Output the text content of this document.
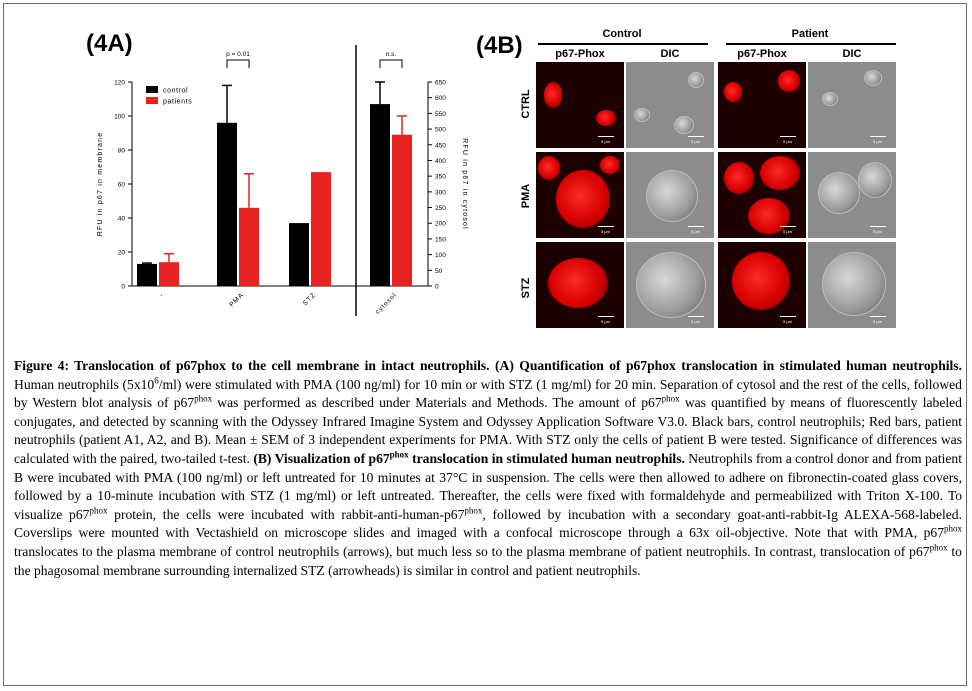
(4A)	(4B)
0
20
40
60
80
100
120
0
50
100
150
200
250
300
350
400
450
500
550
600
650
RFU in p67 in membrane	RFU in p67 in cytosol
-	PMA	STZ	cytosol
p = 0.01	n.s.
control
patients
Control	Patient
p67-Phox	DIC	p67-Phox	DIC
CTRL
PMA
STZ
5 μm	5 μm	5 μm	5 μm
5 μm	5 μm	5 μm	5 μm
5 μm	5 μm	5 μm	5 μm
Figure 4: Translocation of p67phox to the cell membrane in intact neutrophils. (A) Quantification of p67phox translocation in stimulated human neutrophils. Human neutrophils $(5x10^6/ml)$ were stimulated with PMA (100 ng/ml) for 10 min or with STZ (1 mg/ml) for 20 min. Separation of cytosol and the rest of the cells, followed by Western blot analysis of $p67^{phox}$ was performed as described under Materials and Methods. The amount of $p67^{phox}$ was quantified by means of fluorescently labeled conjugates, and detected by scanning with the Odyssey Infrared Imagine System and Odyssey Application Software V3.0. Black bars, control neutrophils; Red bars, patient neutrophils (patient A1, A2, and B). Mean ± SEM of 3 independent experiments for PMA. With STZ only the cells of patient B were tested. Significance of differences was calculated with the paired, two-tailed t-test. (B) Visualization of $p67^{phox}$ translocation in stimulated human neutrophils. Neutrophils from a control donor and from patient B were incubated with PMA (100 ng/ml) or left untreated for 10 minutes at 37°C in suspension. The cells were then allowed to adhere on fibronectin-coated glass covers, followed by a 10-minute incubation with STZ (1 mg/ml) or left untreated. Thereafter, the cells were fixed with formaldehyde and permeabilized with Triton X-100. To visualize $p67^{phox}$ protein, the cells were incubated with rabbit-$anti-human-p67^{phox}$, followed by incubation with a secondary goat-anti-rabbit-Ig ALEXA-568-labeled. Coverslips were mounted with Vectashield on microscope slides and imaged with a confocal microscope through a 63x oil-objective. Note that with PMA, $p67^{phox}$ translocates to the plasma membrane of control neutrophils (arrows), but much less so to the plasma membrane of patient neutrophils. In contrast, translocation of $p67^{phox}$ to the phagosomal membrane surrounding internalized STZ (arrowheads) is similar in control and patient neutrophils.
